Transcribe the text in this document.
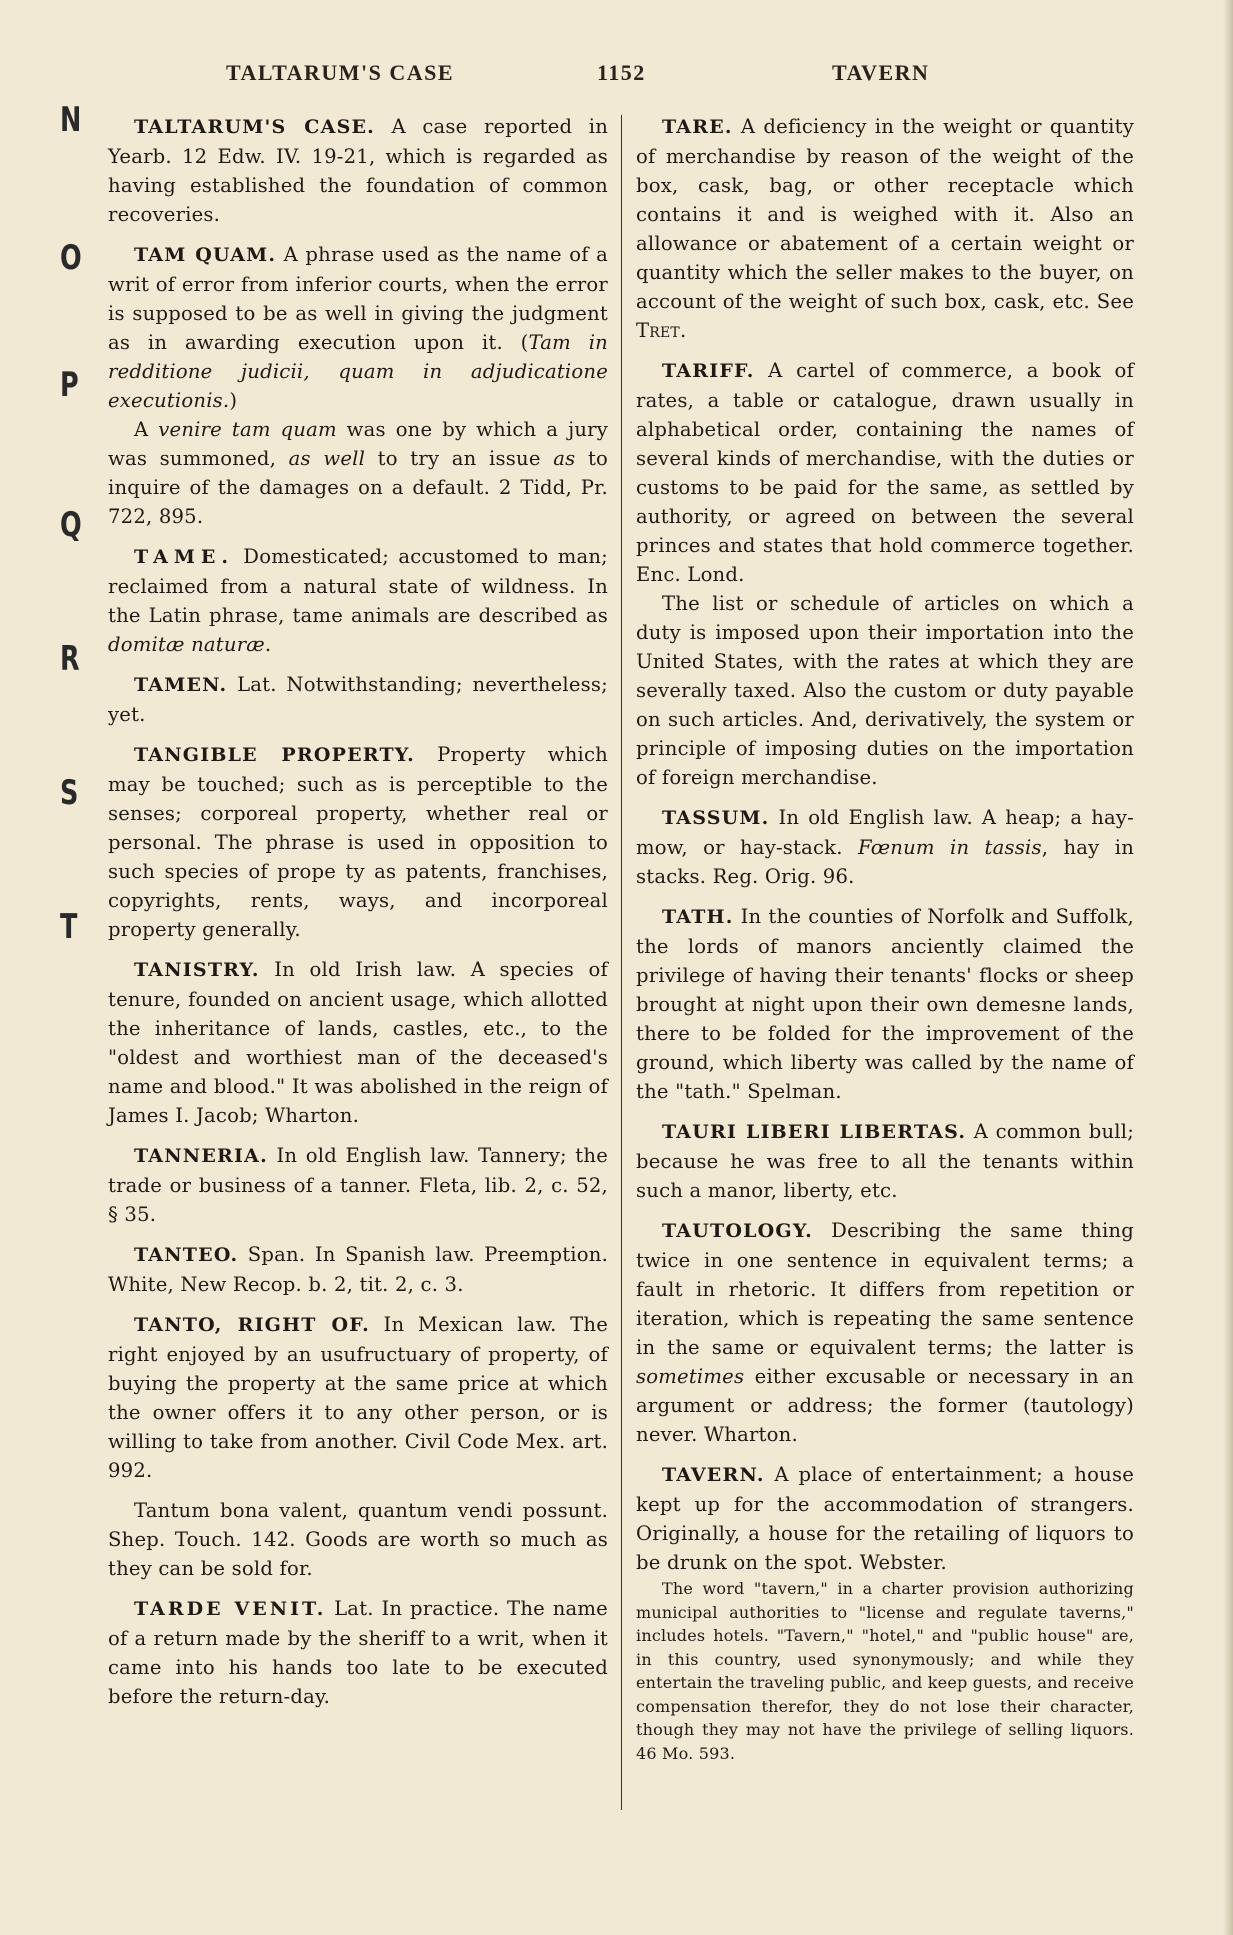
TALTARUM'S CASE	1152	TAVERN
N
O
P
Q
R
S
T

TALTARUM'S CASE. A case reported in Yearb. 12 Edw. IV. 19-21, which is regarded as having established the foundation of common recoveries.

TAM QUAM. A phrase used as the name of a writ of error from inferior courts, when the error is supposed to be as well in giving the judgment as in awarding execution upon it. (Tam in redditione judicii, quam in adjudicatione executionis.)

A venire tam quam was one by which a jury was summoned, as well to try an issue as to inquire of the damages on a default. 2 Tidd, Pr. 722, 895.

TAME. Domesticated; accustomed to man; reclaimed from a natural state of wildness. In the Latin phrase, tame animals are described as domitæ naturæ.

TAMEN. Lat. Notwithstanding; nevertheless; yet.

TANGIBLE PROPERTY. Property which may be touched; such as is perceptible to the senses; corporeal property, whether real or personal. The phrase is used in opposition to such species of prope ty as patents, franchises, copyrights, rents, ways, and incorporeal property generally.

TANISTRY. In old Irish law. A species of tenure, founded on ancient usage, which allotted the inheritance of lands, castles, etc., to the "oldest and worthiest man of the deceased's name and blood." It was abolished in the reign of James I. Jacob; Wharton.

TANNERIA. In old English law. Tannery; the trade or business of a tanner. Fleta, lib. 2, c. 52, § 35.

TANTEO. Span. In Spanish law. Preemption. White, New Recop. b. 2, tit. 2, c. 3.

TANTO, RIGHT OF. In Mexican law. The right enjoyed by an usufructuary of property, of buying the property at the same price at which the owner offers it to any other person, or is willing to take from another. Civil Code Mex. art. 992.

Tantum bona valent, quantum vendi possunt. Shep. Touch. 142. Goods are worth so much as they can be sold for.

TARDE VENIT. Lat. In practice. The name of a return made by the sheriff to a writ, when it came into his hands too late to be executed before the return-day.

TARE. A deficiency in the weight or quantity of merchandise by reason of the weight of the box, cask, bag, or other receptacle which contains it and is weighed with it. Also an allowance or abatement of a certain weight or quantity which the seller makes to the buyer, on account of the weight of such box, cask, etc. See Tret.

TARIFF. A cartel of commerce, a book of rates, a table or catalogue, drawn usually in alphabetical order, containing the names of several kinds of merchandise, with the duties or customs to be paid for the same, as settled by authority, or agreed on between the several princes and states that hold commerce together. Enc. Lond.

The list or schedule of articles on which a duty is imposed upon their importation into the United States, with the rates at which they are severally taxed. Also the custom or duty payable on such articles. And, derivatively, the system or principle of imposing duties on the importation of foreign merchandise.

TASSUM. In old English law. A heap; a hay-mow, or hay-stack. Fœnum in tassis, hay in stacks. Reg. Orig. 96.

TATH. In the counties of Norfolk and Suffolk, the lords of manors anciently claimed the privilege of having their tenants' flocks or sheep brought at night upon their own demesne lands, there to be folded for the improvement of the ground, which liberty was called by the name of the "tath." Spelman.

TAURI LIBERI LIBERTAS. A common bull; because he was free to all the tenants within such a manor, liberty, etc.

TAUTOLOGY. Describing the same thing twice in one sentence in equivalent terms; a fault in rhetoric. It differs from repetition or iteration, which is repeating the same sentence in the same or equivalent terms; the latter is sometimes either excusable or necessary in an argument or address; the former (tautology) never. Wharton.

TAVERN. A place of entertainment; a house kept up for the accommodation of strangers. Originally, a house for the retailing of liquors to be drunk on the spot. Webster.

The word "tavern," in a charter provision authorizing municipal authorities to "license and regulate taverns," includes hotels. "Tavern," "hotel," and "public house" are, in this country, used synonymously; and while they entertain the traveling public, and keep guests, and receive compensation therefor, they do not lose their character, though they may not have the privilege of selling liquors. 46 Mo. 593.
